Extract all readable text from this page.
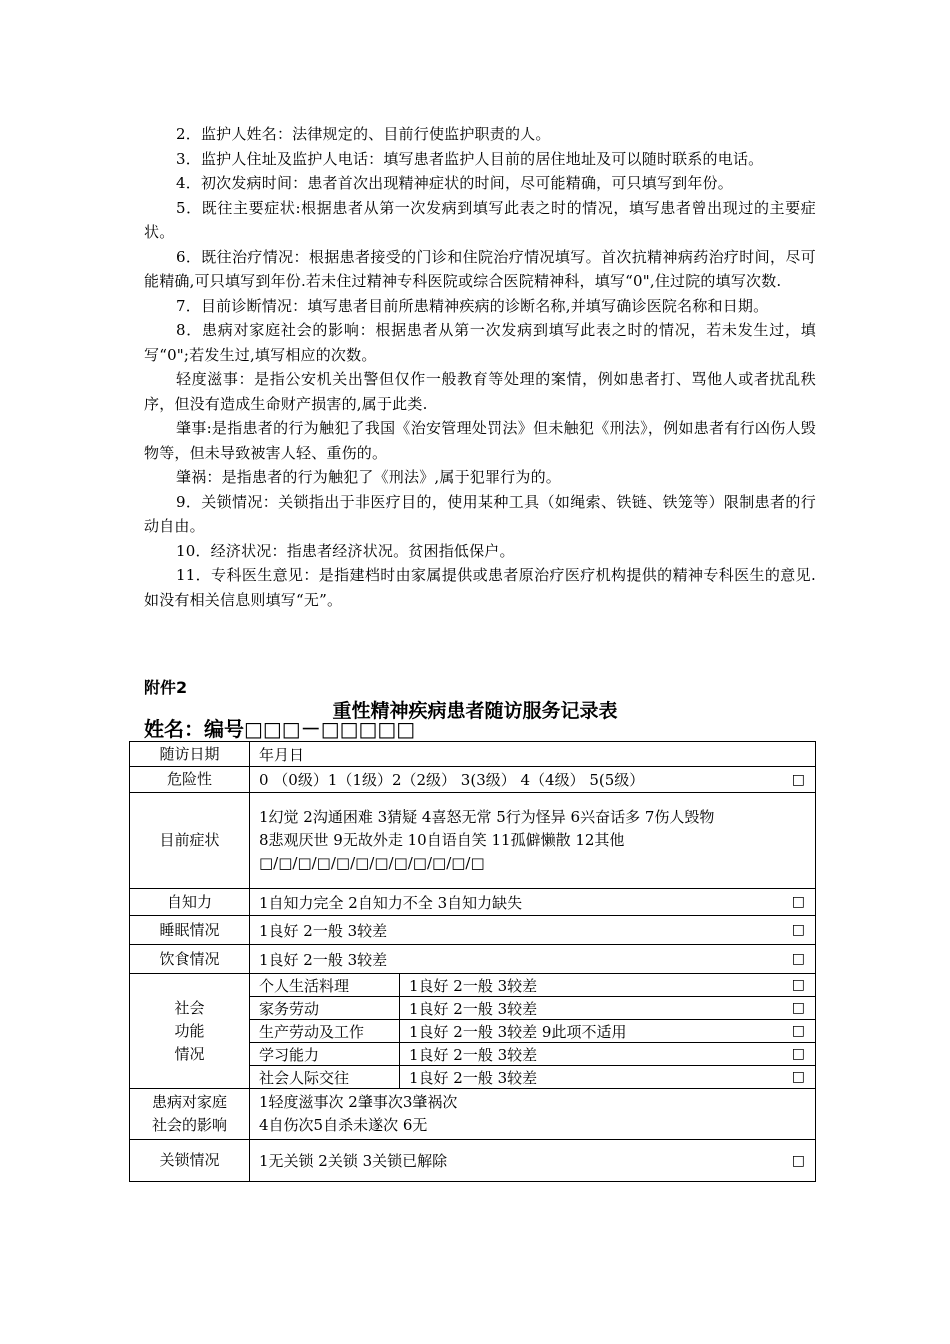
2．监护人姓名：法律规定的、目前行使监护职责的人。

3．监护人住址及监护人电话：填写患者监护人目前的居住地址及可以随时联系的电话。

4．初次发病时间：患者首次出现精神症状的时间，尽可能精确，可只填写到年份。

5．既往主要症状:根据患者从第一次发病到填写此表之时的情况，填写患者曾出现过的主要症状。

6．既往治疗情况：根据患者接受的门诊和住院治疗情况填写。首次抗精神病药治疗时间，尽可能精确,可只填写到年份.若未住过精神专科医院或综合医院精神科，填写“0",住过院的填写次数.

7．目前诊断情况：填写患者目前所患精神疾病的诊断名称,并填写确诊医院名称和日期。

8．患病对家庭社会的影响：根据患者从第一次发病到填写此表之时的情况，若未发生过，填写“0";若发生过,填写相应的次数。

轻度滋事：是指公安机关出警但仅作一般教育等处理的案情，例如患者打、骂他人或者扰乱秩序，但没有造成生命财产损害的,属于此类.

肇事:是指患者的行为触犯了我国《治安管理处罚法》但未触犯《刑法》，例如患者有行凶伤人毁物等，但未导致被害人轻、重伤的。

肇祸：是指患者的行为触犯了《刑法》,属于犯罪行为的。

9．关锁情况：关锁指出于非医疗目的，使用某种工具（如绳索、铁链、铁笼等）限制患者的行动自由。

10．经济状况：指患者经济状况。贫困指低保户。

11．专科医生意见：是指建档时由家属提供或患者原治疗医疗机构提供的精神专科医生的意见.如没有相关信息则填写“无”。

附件2
重性精神疾病患者随访服务记录表
姓名：编号□□□－□□□□□
随访日期	年月日
危险性	0 （0级）1（1级）2（2级） 3(3级） 4（4级） 5(5级）	□

目前症状	
1幻觉 2沟通困难 3猜疑 4喜怒无常 5行为怪异 6兴奋话多 7伤人毁物
8悲观厌世 9无故外走 10自语自笑 11孤僻懒散 12其他
□/□/□/□/□/□/□/□/□/□/□/□

自知力	1自知力完全 2自知力不全 3自知力缺失	□

睡眠情况	1良好 2一般 3较差	□

饮食情况	1良好 2一般 3较差	□

社会
功能
情况

个人生活料理	1良好 2一般 3较差	□

家务劳动	1良好 2一般 3较差	□

生产劳动及工作	1良好 2一般 3较差 9此项不适用	□

学习能力	1良好 2一般 3较差	□

社会人际交往	1良好 2一般 3较差	□

患病对家庭
社会的影响

1轻度滋事次 2肇事次3肇祸次
4自伤次5自杀未遂次 6无

关锁情况	1无关锁 2关锁 3关锁已解除	□
